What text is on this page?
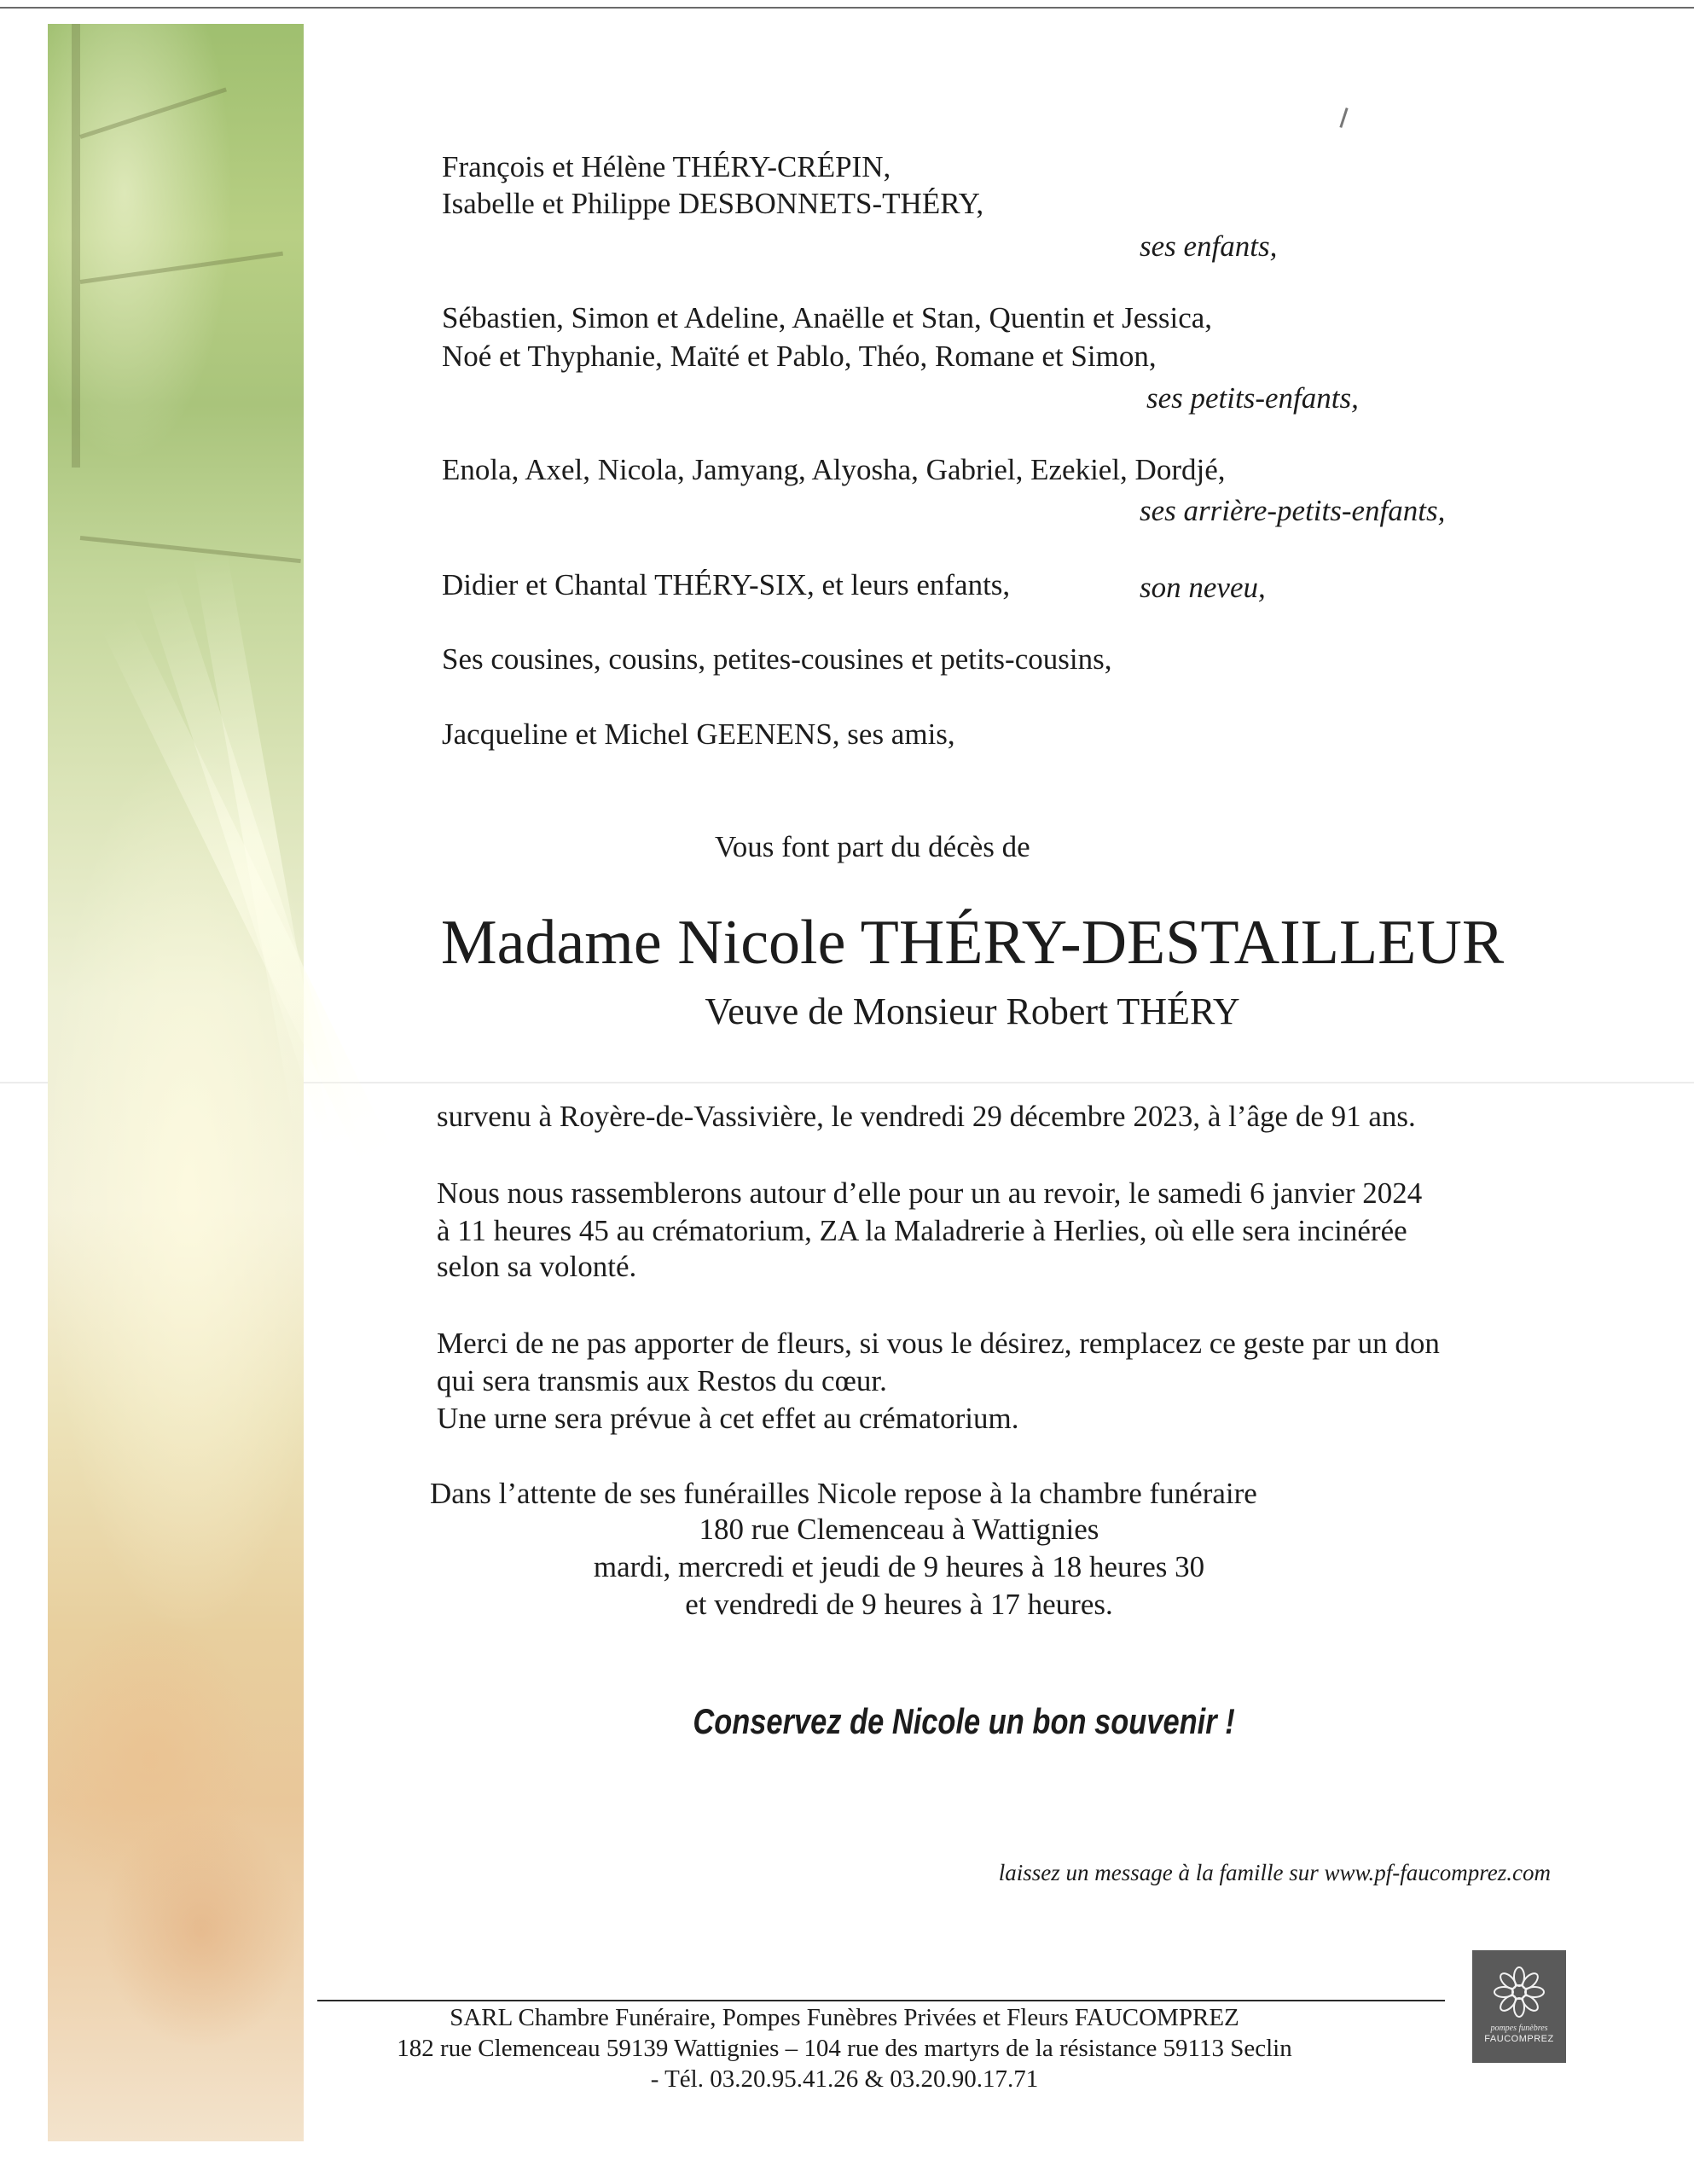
François et Hélène THÉRY-CRÉPIN,
Isabelle et Philippe DESBONNETS-THÉRY,
ses enfants,
Sébastien, Simon et Adeline, Anaëlle et Stan, Quentin et Jessica,
Noé et Thyphanie, Maïté et Pablo, Théo, Romane et Simon,
ses petits-enfants,
Enola, Axel, Nicola, Jamyang, Alyosha, Gabriel, Ezekiel, Dordjé,
ses arrière-petits-enfants,
Didier et Chantal THÉRY-SIX, et leurs enfants,	son neveu,
Ses cousines, cousins, petites-cousines et petits-cousins,
Jacqueline et Michel GEENENS, ses amis,
Vous font part du décès de
Madame Nicole THÉRY-DESTAILLEUR
Veuve de Monsieur Robert THÉRY
survenu à Royère-de-Vassivière, le vendredi 29 décembre 2023, à l’âge de 91 ans.
Nous nous rassemblerons autour d’elle pour un au revoir, le samedi 6 janvier 2024
à 11 heures 45 au crématorium, ZA la Maladrerie à Herlies, où elle sera incinérée
selon sa volonté.
Merci de ne pas apporter de fleurs, si vous le désirez, remplacez ce geste par un don
qui sera transmis aux Restos du cœur.
Une urne sera prévue à cet effet au crématorium.
Dans l’attente de ses funérailles Nicole repose à la chambre funéraire
180 rue Clemenceau à Wattignies
mardi, mercredi et jeudi de 9 heures à 18 heures 30
et vendredi de 9 heures à 17 heures.
Conservez de Nicole un bon souvenir !
laissez un message à la famille sur www.pf-faucomprez.com
SARL Chambre Funéraire, Pompes Funèbres Privées et Fleurs FAUCOMPREZ
182 rue Clemenceau 59139 Wattignies – 104 rue des martyrs de la résistance 59113 Seclin
- Tél. 03.20.95.41.26 & 03.20.90.17.71
pompes funèbres
FAUCOMPREZ
